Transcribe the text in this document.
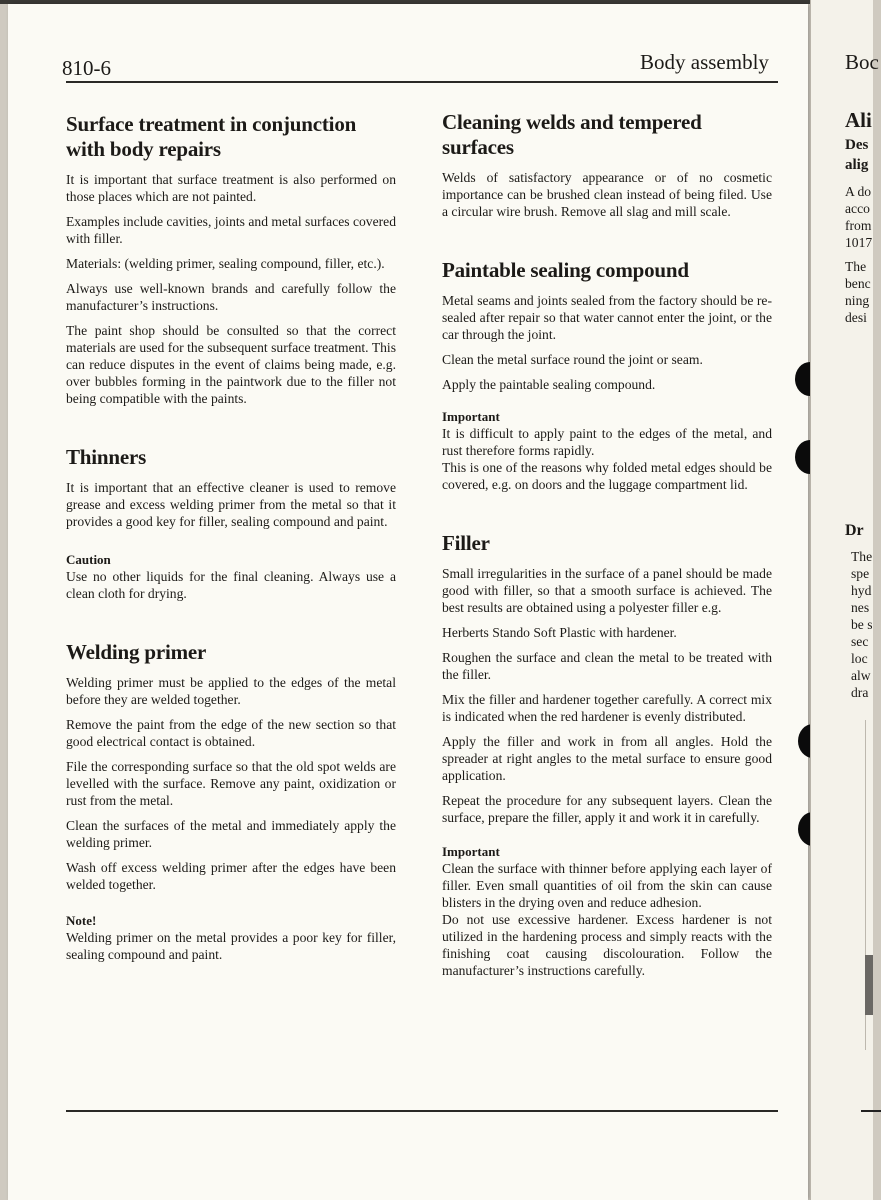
810-6	Body assembly
Surface treatment in conjunction with body repairs

It is important that surface treatment is also performed on those places which are not painted.

Examples include cavities, joints and metal surfaces covered with filler.

Materials: (welding primer, sealing compound, filler, etc.).

Always use well-known brands and carefully follow the manufacturer’s instructions.

The paint shop should be consulted so that the correct materials are used for the subsequent surface treatment. This can reduce disputes in the event of claims being made, e.g. over bubbles forming in the paintwork due to the filler not being compatible with the paints.

Thinners

It is important that an effective cleaner is used to remove grease and excess welding primer from the metal so that it provides a good key for filler, sealing compound and paint.

Caution

Use no other liquids for the final cleaning. Always use a clean cloth for drying.

Welding primer

Welding primer must be applied to the edges of the metal before they are welded together.

Remove the paint from the edge of the new section so that good electrical contact is obtained.

File the corresponding surface so that the old spot welds are levelled with the surface. Remove any paint, oxidization or rust from the metal.

Clean the surfaces of the metal and immediately apply the welding primer.

Wash off excess welding primer after the edges have been welded together.

Note!

Welding primer on the metal provides a poor key for filler, sealing compound and paint.

Cleaning welds and tempered surfaces

Welds of satisfactory appearance or of no cosmetic importance can be brushed clean instead of being filed. Use a circular wire brush. Remove all slag and mill scale.

Paintable sealing compound

Metal seams and joints sealed from the factory should be re-sealed after repair so that water cannot enter the joint, or the car through the joint.

Clean the metal surface round the joint or seam.

Apply the paintable sealing compound.

Important

It is difficult to apply paint to the edges of the metal, and rust therefore forms rapidly.

This is one of the reasons why folded metal edges should be covered, e.g. on doors and the luggage compartment lid.

Filler

Small irregularities in the surface of a panel should be made good with filler, so that a smooth surface is achieved. The best results are obtained using a polyester filler e.g.

Herberts Stando Soft Plastic with hardener.

Roughen the surface and clean the metal to be treated with the filler.

Mix the filler and hardener together carefully. A correct mix is indicated when the red hardener is evenly distributed.

Apply the filler and work in from all angles. Hold the spreader at right angles to the metal surface to ensure good application.

Repeat the procedure for any subsequent layers. Clean the surface, prepare the filler, apply it and work it in carefully.

Important

Clean the surface with thinner before applying each layer of filler. Even small quantities of oil from the skin can cause blisters in the drying oven and reduce adhesion.

Do not use excessive hardener. Excess hardener is not utilized in the hardening process and simply reacts with the finishing coat causing discolouration. Follow the manufacturer’s instructions carefully.

Boc
Ali
Des
alig
A do
acco
from
1017
The
benc
ning
desi
Dr
The
spe
hyd
nes
be s
sec
loc
alw
dra
